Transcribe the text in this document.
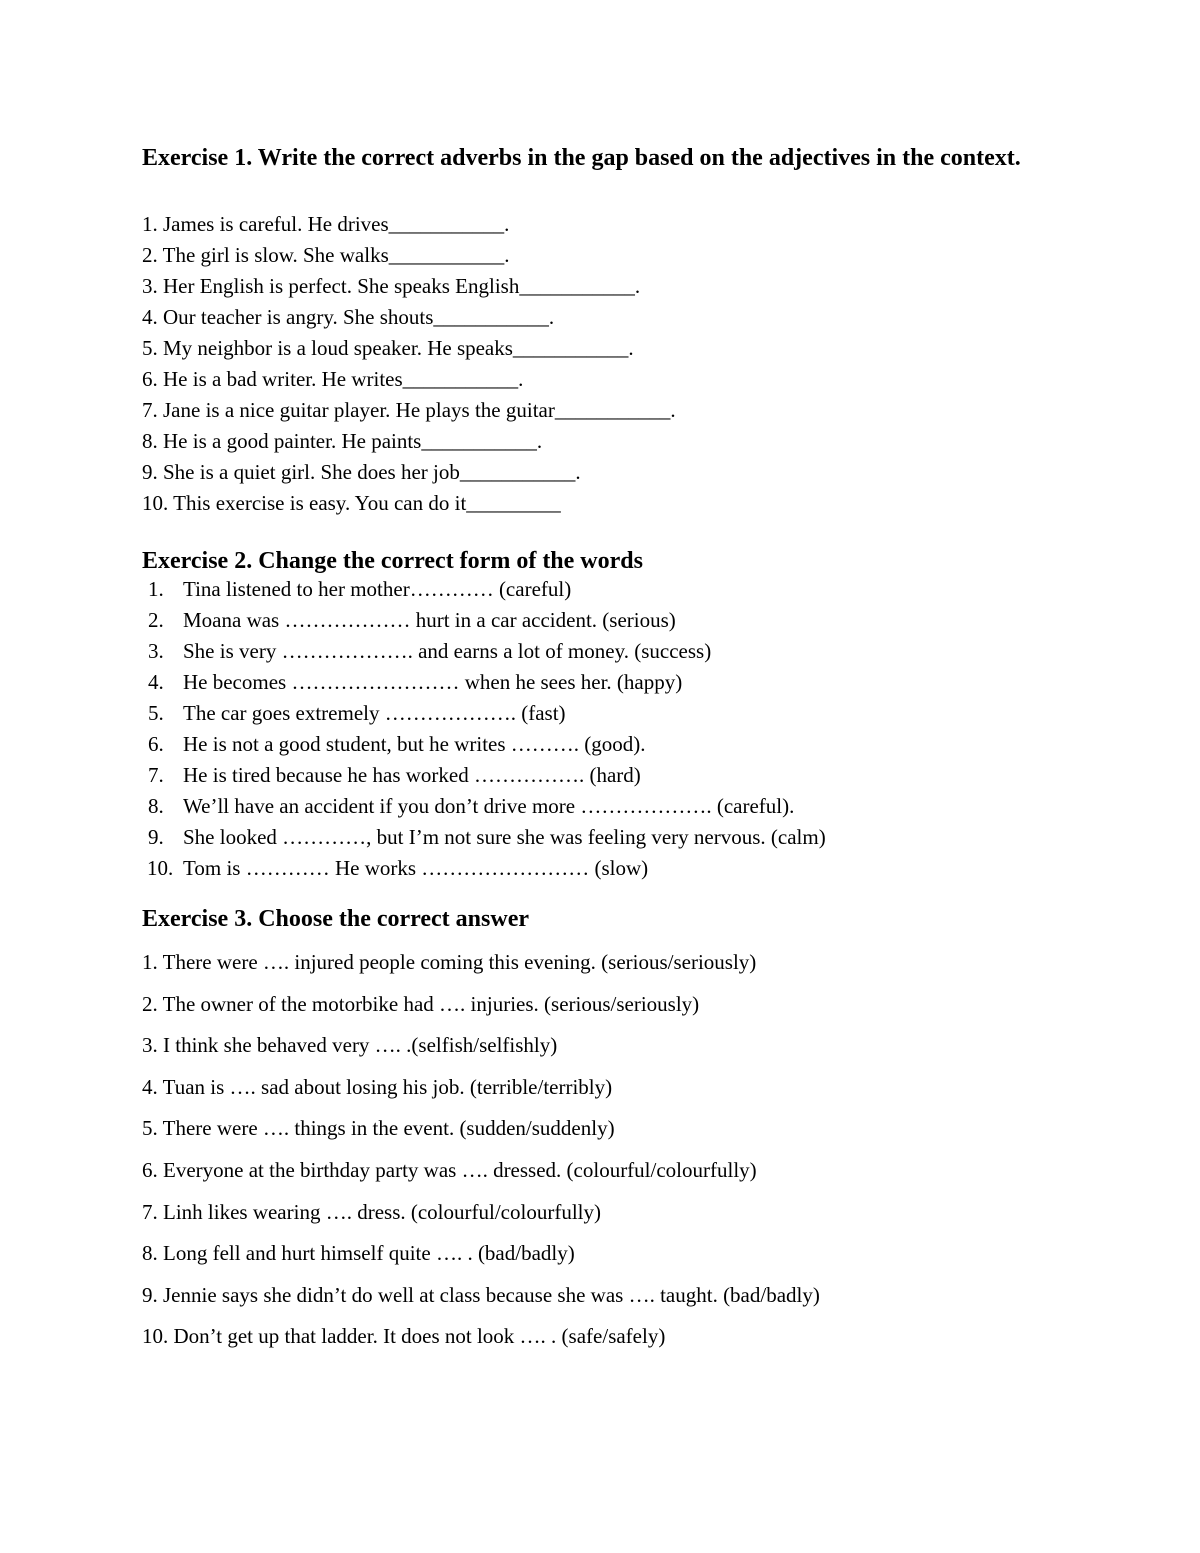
Exercise 1. Write the correct adverbs in the gap based on the adjectives in the context.
1. James is careful. He drives___________.
2. The girl is slow. She walks___________.
3. Her English is perfect. She speaks English___________.
4. Our teacher is angry. She shouts___________.
5. My neighbor is a loud speaker. He speaks___________.
6. He is a bad writer. He writes___________.
7. Jane is a nice guitar player. He plays the guitar___________.
8. He is a good painter. He paints___________.
9. She is a quiet girl. She does her job___________.
10. This exercise is easy. You can do it_________
Exercise 2. Change the correct form of the words
1. Tina listened to her mother………… (careful)
2. Moana was ……………… hurt in a car accident. (serious)
3. She is very ………………. and earns a lot of money. (success)
4. He becomes …………………… when he sees her. (happy)
5. The car goes extremely ………………. (fast)
6. He is not a good student, but he writes ………. (good).
7. He is tired because he has worked ……………. (hard)
8. We’ll have an accident if you don’t drive more ………………. (careful).
9. She looked …………, but I’m not sure she was feeling very nervous. (calm)
10. Tom is ………… He works …………………… (slow)
Exercise 3. Choose the correct answer
1. There were …. injured people coming this evening. (serious/seriously)
2. The owner of the motorbike had …. injuries. (serious/seriously)
3. I think she behaved very …. .(selfish/selfishly)
4. Tuan is …. sad about losing his job. (terrible/terribly)
5. There were …. things in the event. (sudden/suddenly)
6. Everyone at the birthday party was …. dressed. (colourful/colourfully)
7. Linh likes wearing …. dress. (colourful/colourfully)
8. Long fell and hurt himself quite …. . (bad/badly)
9. Jennie says she didn’t do well at class because she was …. taught. (bad/badly)
10. Don’t get up that ladder. It does not look …. . (safe/safely)
